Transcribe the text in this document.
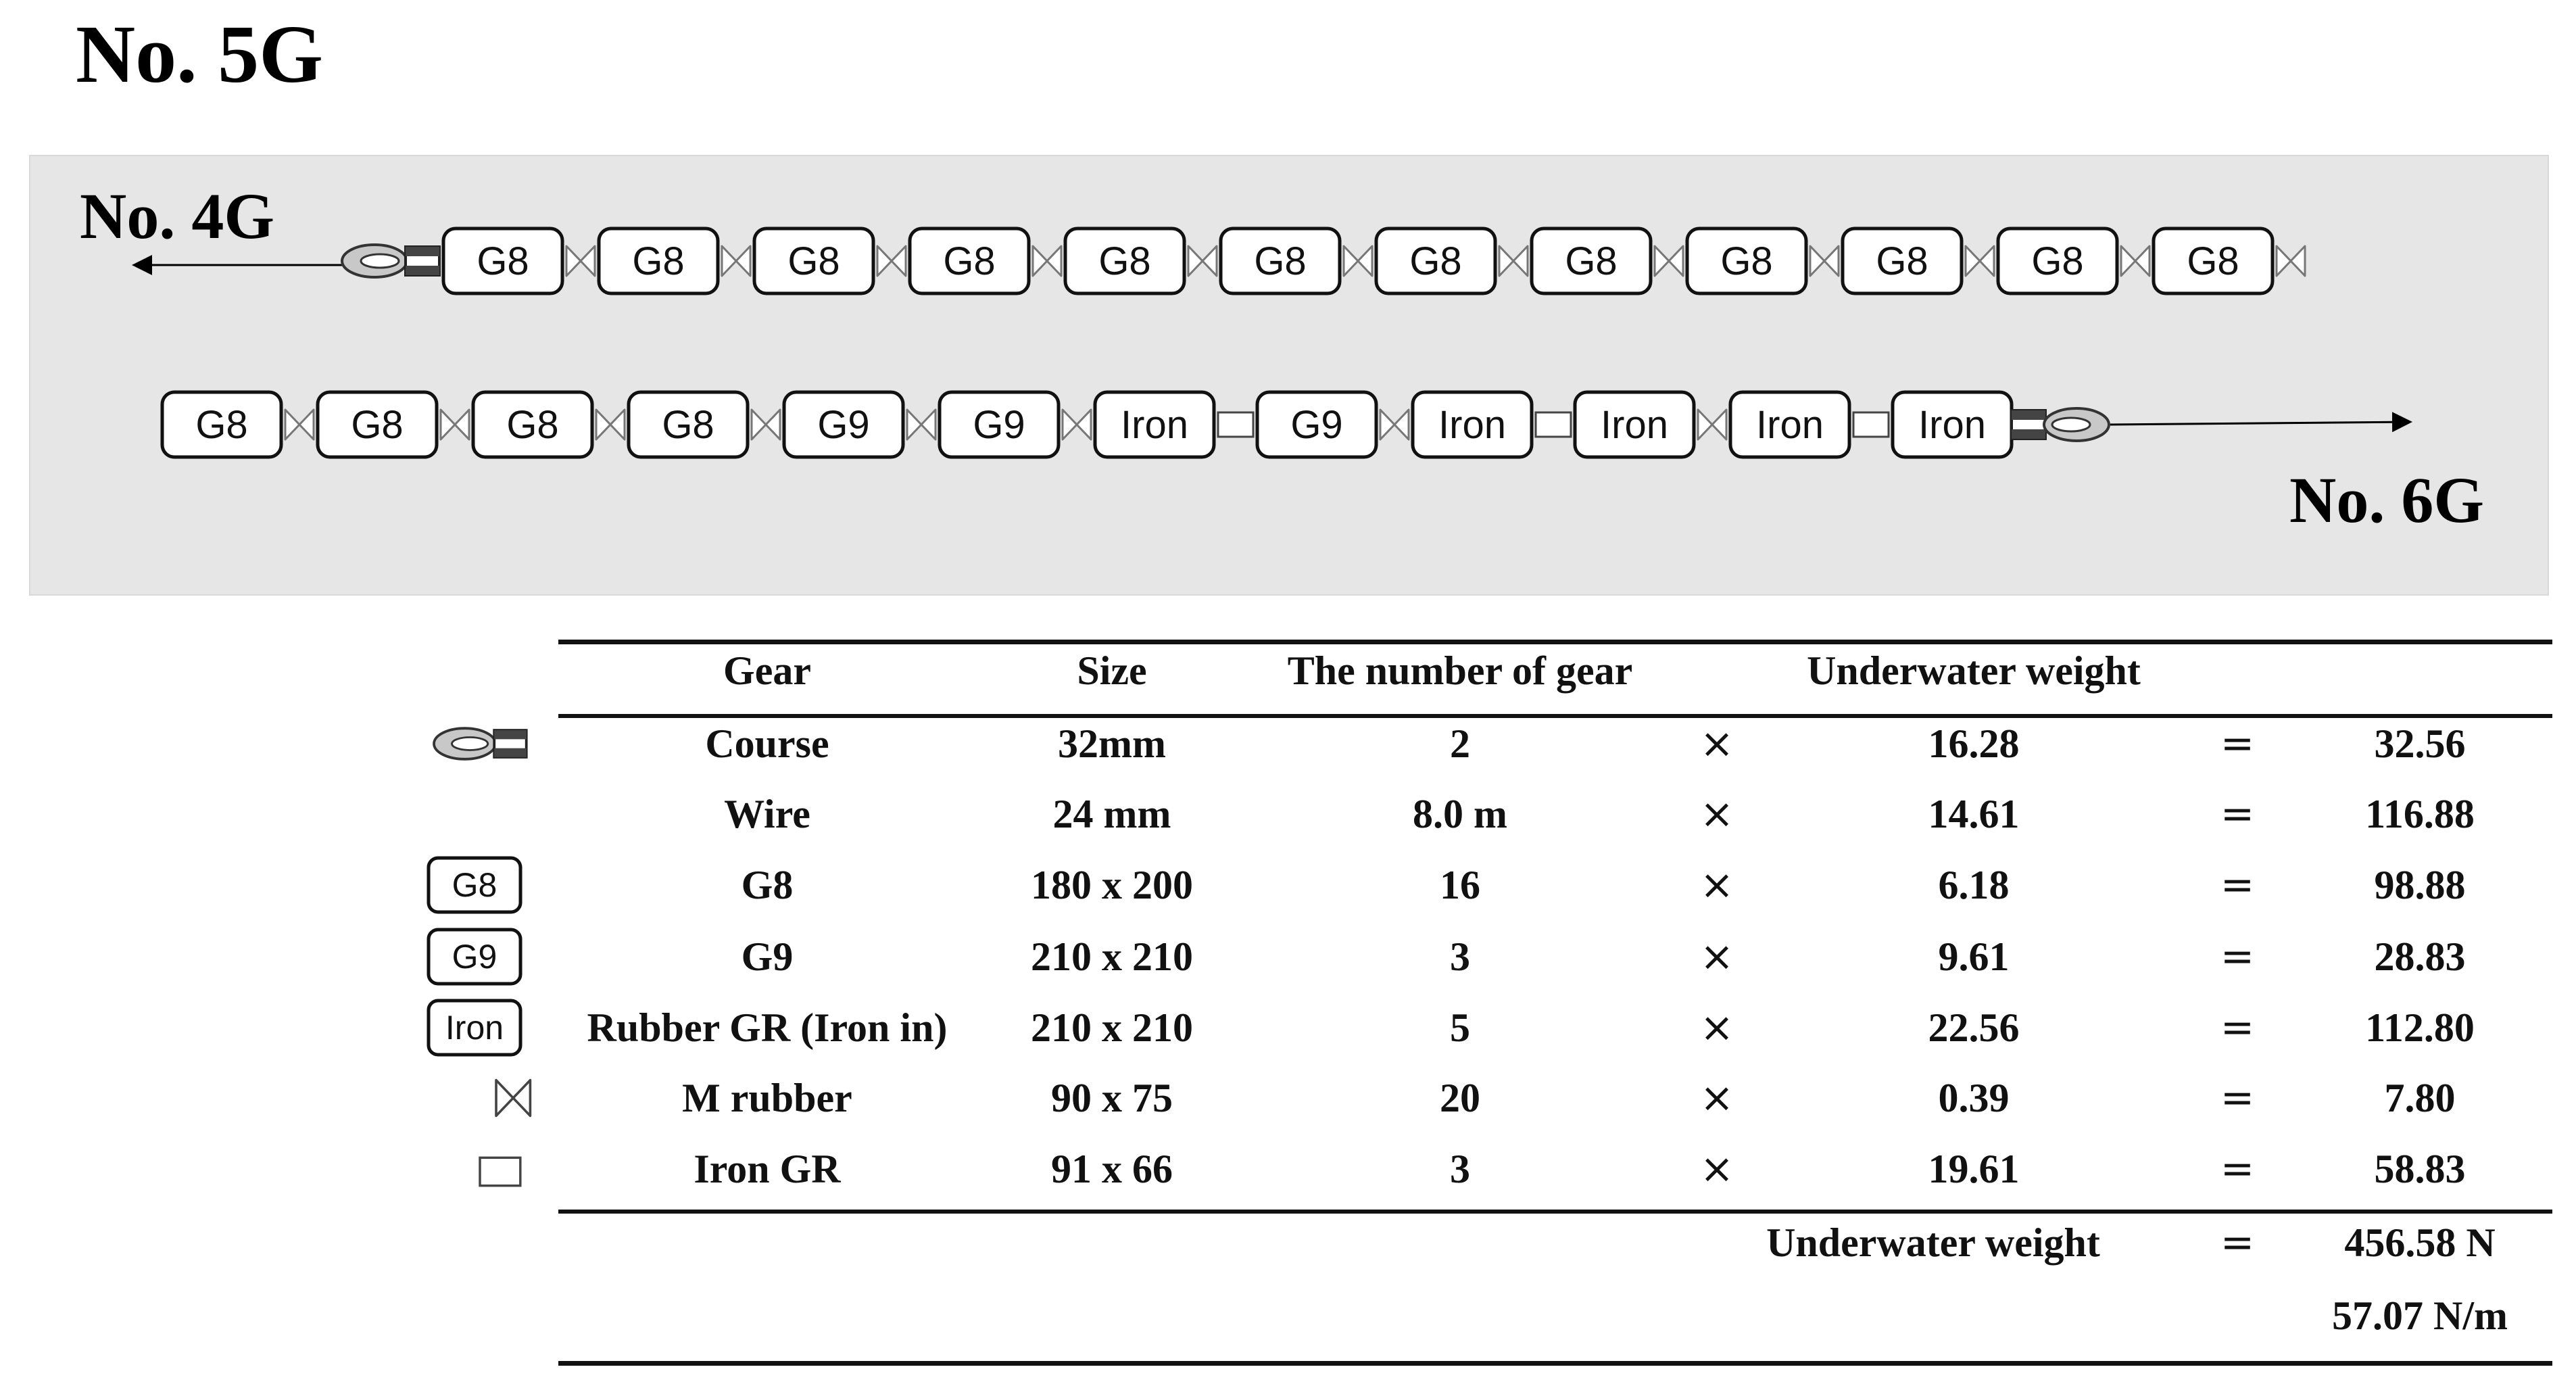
No. 5G
G8	G8	G8	G8	G8	G8	G8	G8	G8	G8	G8	G8
G8	G8	G8	G8	G9	G9 Iron	G9 Iron Iron Iron Iron
No. 4G
No. 6G
Gear	Size	The number of gear	Underwater weight
Course	32mm	2	×	16.28	=	32.56
Wire	24 mm	8.0 m	×	14.61	=	116.88
G8	180 x 200	16	×	6.18	=	98.88
G8
G9	210 x 210	3	×	9.61	=	28.83
G9
Rubber GR (Iron in)	210 x 210	5	×	22.56	=	112.80
Iron
M rubber	90 x 75	20	×	0.39	=	7.80
Iron GR	91 x 66	3	×	19.61	=	58.83
Underwater weight	=	456.58 N
57.07 N/m
